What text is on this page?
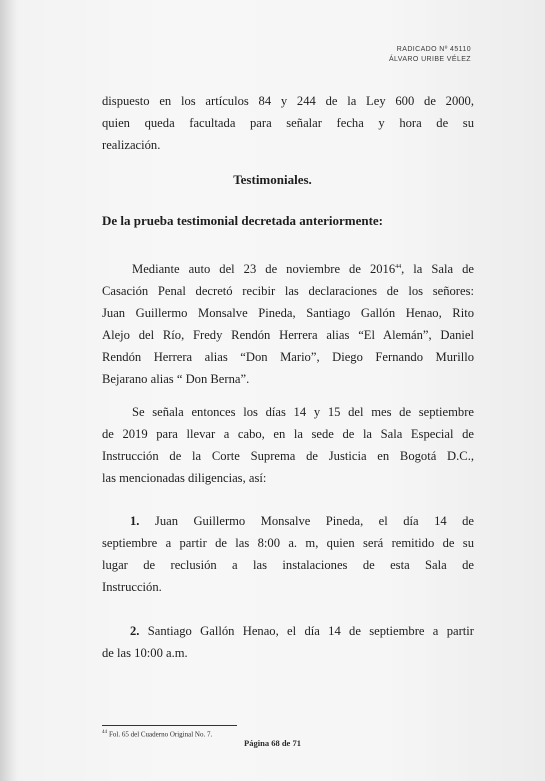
RADICADO Nº 45110
ÁLVARO URIBE VÉLEZ
dispuesto en los artículos 84 y 244 de la Ley 600 de 2000,
quien queda facultada para señalar fecha y hora de su
realización.
Testimoniales.
De la prueba testimonial decretada anteriormente:
Mediante auto del 23 de noviembre de 2016$^{44}$, la Sala de
Casación Penal decretó recibir las declaraciones de los señores:
Juan Guillermo Monsalve Pineda, Santiago Gallón Henao, Rito
Alejo del Río, Fredy Rendón Herrera alias “El Alemán”, Daniel
Rendón Herrera alias “Don Mario”, Diego Fernando Murillo
Bejarano alias “ Don Berna”.
Se señala entonces los días 14 y 15 del mes de septiembre
de 2019 para llevar a cabo, en la sede de la Sala Especial de
Instrucción de la Corte Suprema de Justicia en Bogotá D.C.,
las mencionadas diligencias, así:
1. Juan Guillermo Monsalve Pineda, el día 14 de
septiembre a partir de las 8:00 a. m, quien será remitido de su
lugar de reclusión a las instalaciones de esta Sala de
Instrucción.
2. Santiago Gallón Henao, el día 14 de septiembre a partir
de las 10:00 a.m.
$^{44}$ Fol. 65 del Cuaderno Original No. 7.
Página 68 de 71
